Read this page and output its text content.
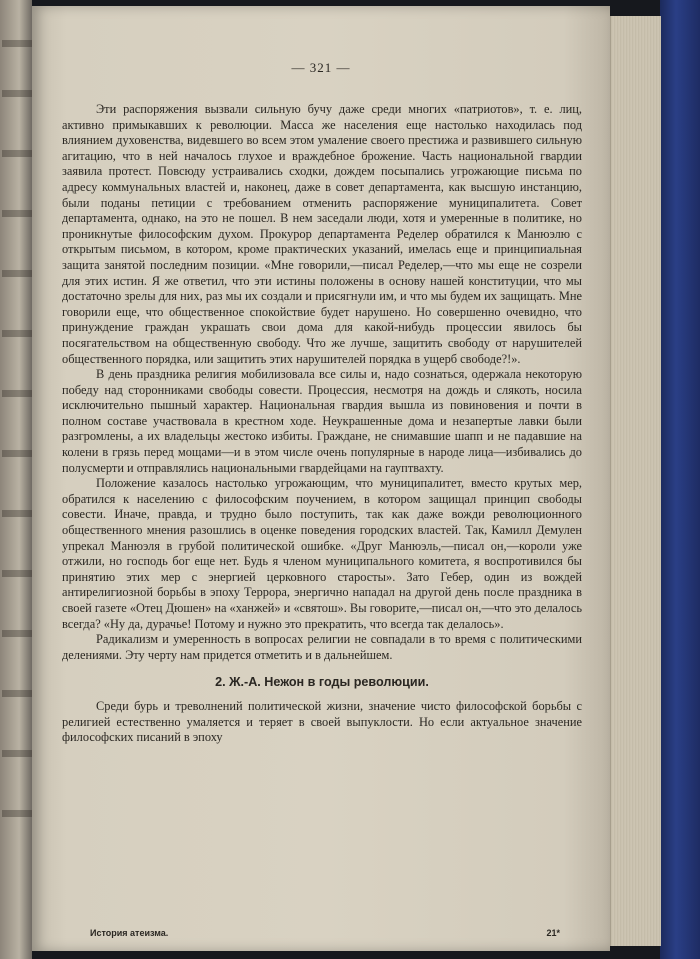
— 321 —

Эти распоряжения вызвали сильную бучу даже среди многих «патриотов», т. е. лиц, активно примыкавших к революции. Масса же населения еще настолько находилась под влиянием духовенства, видевшего во всем этом умаление своего престижа и развившего сильную агитацию, что в ней началось глухое и враждебное брожение. Часть национальной гвардии заявила протест. Повсюду устраивались сходки, дождем посыпались угрожающие письма по адресу коммунальных властей и, наконец, даже в совет департамента, как высшую инстанцию, были поданы петиции с требованием отменить распоряжение муниципалитета. Совет департамента, однако, на это не пошел. В нем заседали люди, хотя и умеренные в политике, но проникнутые философским духом. Прокурор департамента Ределер обратился к Манюэлю с открытым письмом, в котором, кроме практических указаний, имелась еще и принципиальная защита занятой последним позиции. «Мне говорили,—писал Ределер,—что мы еще не созрели для этих истин. Я же ответил, что эти истины положены в основу нашей конституции, что мы достаточно зрелы для них, раз мы их создали и присягнули им, и что мы будем их защищать. Мне говорили еще, что общественное спокойствие будет нарушено. Но совершенно очевидно, что принуждение граждан украшать свои дома для какой-нибудь процессии явилось бы посягательством на общественную свободу. Что же лучше, защитить свободу от нарушителей общественного порядка, или защитить этих нарушителей порядка в ущерб свободе?!».

В день праздника религия мобилизовала все силы и, надо сознаться, одержала некоторую победу над сторонниками свободы совести. Процессия, несмотря на дождь и слякоть, носила исключительно пышный характер. Национальная гвардия вышла из повиновения и почти в полном составе участвовала в крестном ходе. Неукрашенные дома и незапертые лавки были разгромлены, а их владельцы жестоко избиты. Граждане, не снимавшие шапп и не падавшие на колени в грязь перед мощами—и в этом числе очень популярные в народе лица—избивались до полусмерти и отправлялись национальными гвардейцами на гауптвахту.

Положение казалось настолько угрожающим, что муниципалитет, вместо крутых мер, обратился к населению с философским поучением, в котором защищал принцип свободы совести. Иначе, правда, и трудно было поступить, так как даже вожди революционного общественного мнения разошлись в оценке поведения городских властей. Так, Камилл Демулен упрекал Манюэля в грубой политической ошибке. «Друг Манюэль,—писал он,—короли уже отжили, но господь бог еще нет. Будь я членом муниципального комитета, я воспротивился бы принятию этих мер с энергией церковного старосты». Зато Гебер, один из вождей антирелигиозной борьбы в эпоху Террора, энергично нападал на другой день после праздника в своей газете «Отец Дюшен» на «ханжей» и «святош». Вы говорите,—писал он,—что это делалось всегда? «Ну да, дурачье! Потому и нужно это прекратить, что всегда так делалось».

Радикализм и умеренность в вопросах религии не совпадали в то время с политическими делениями. Эту черту нам придется отметить и в дальнейшем.

2. Ж.-А. Нежон в годы революции.

Среди бурь и треволнений политической жизни, значение чисто философской борьбы с религией естественно умаляется и теряет в своей выпуклости. Но если актуальное значение философских писаний в эпоху

История атеизма.	21*
